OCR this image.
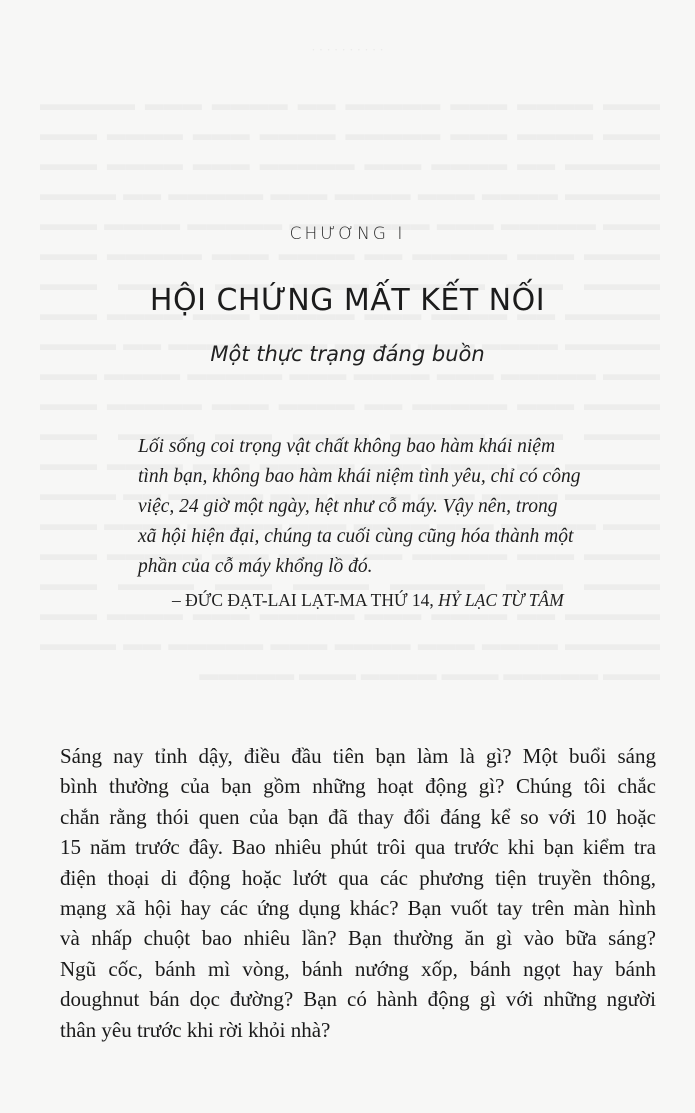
· · · · · · · · · ·
CHƯƠNG I
HỘI CHỨNG MẤT KẾT NỐI
Một thực trạng đáng buồn
Lối sống coi trọng vật chất không bao hàm khái niệm
tình bạn, không bao hàm khái niệm tình yêu, chỉ có công
việc, 24 giờ một ngày, hệt như cỗ máy. Vậy nên, trong
xã hội hiện đại, chúng ta cuối cùng cũng hóa thành một
phần của cỗ máy khổng lồ đó.
– ĐỨC ĐẠT-LAI LẠT-MA THỨ 14, HỶ LẠC TỪ TÂM
Sáng nay tỉnh dậy, điều đầu tiên bạn làm là gì? Một buổi sáng
bình thường của bạn gồm những hoạt động gì? Chúng tôi chắc
chắn rằng thói quen của bạn đã thay đổi đáng kể so với 10 hoặc
15 năm trước đây. Bao nhiêu phút trôi qua trước khi bạn kiểm tra
điện thoại di động hoặc lướt qua các phương tiện truyền thông,
mạng xã hội hay các ứng dụng khác? Bạn vuốt tay trên màn hình
và nhấp chuột bao nhiêu lần? Bạn thường ăn gì vào bữa sáng?
Ngũ cốc, bánh mì vòng, bánh nướng xốp, bánh ngọt hay bánh
doughnut bán dọc đường? Bạn có hành động gì với những người
thân yêu trước khi rời khỏi nhà?
